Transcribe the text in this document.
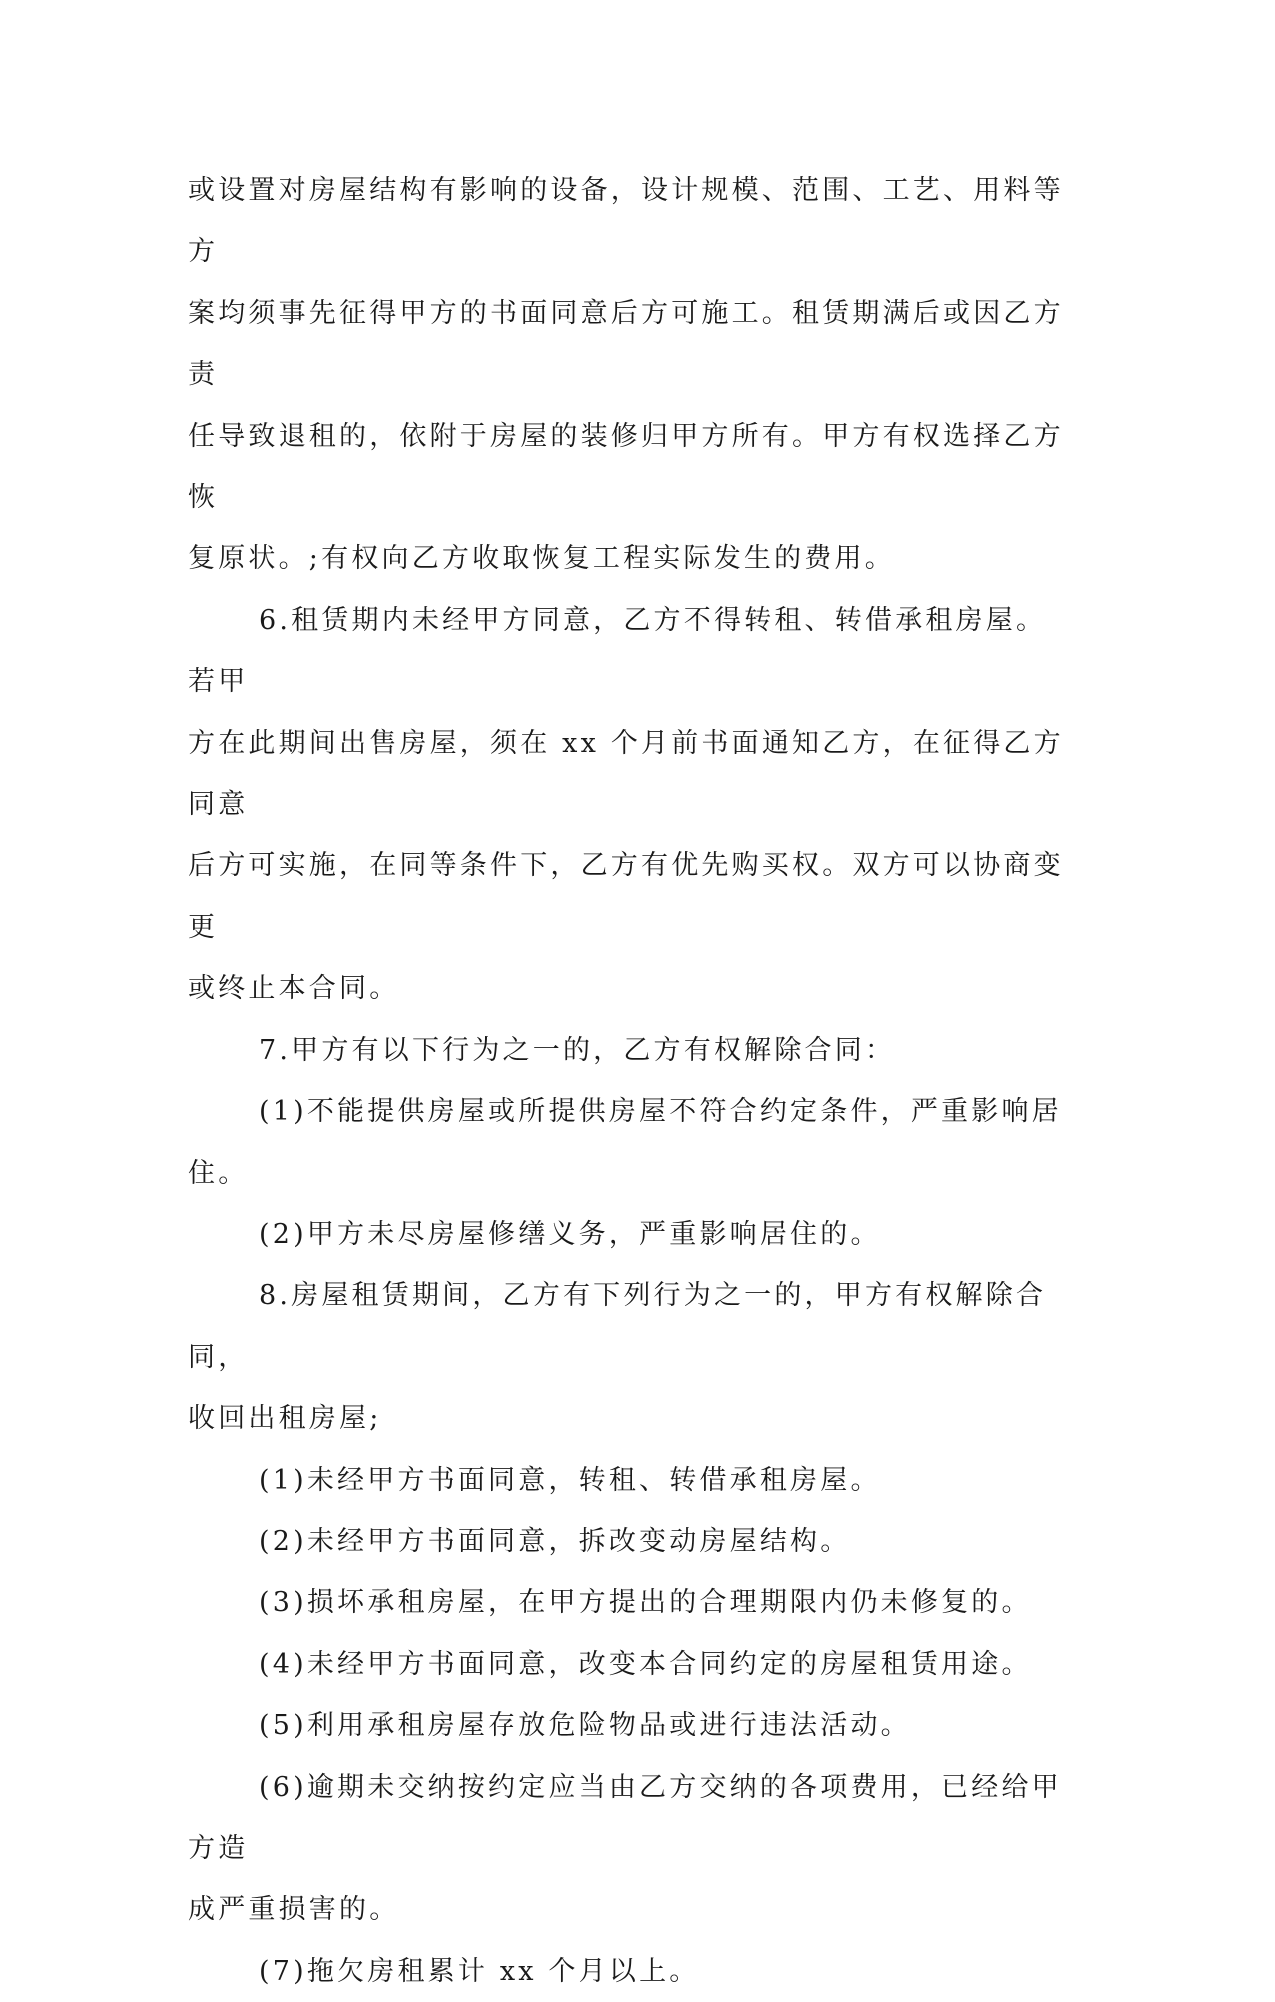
或设置对房屋结构有影响的设备，设计规模、范围、工艺、用料等方
案均须事先征得甲方的书面同意后方可施工。租赁期满后或因乙方责
任导致退租的，依附于房屋的装修归甲方所有。甲方有权选择乙方恢
复原状。;有权向乙方收取恢复工程实际发生的费用。

6.租赁期内未经甲方同意，乙方不得转租、转借承租房屋。若甲
方在此期间出售房屋，须在 xx 个月前书面通知乙方，在征得乙方同意
后方可实施，在同等条件下，乙方有优先购买权。双方可以协商变更
或终止本合同。

7.甲方有以下行为之一的，乙方有权解除合同：

(1)不能提供房屋或所提供房屋不符合约定条件，严重影响居住。

(2)甲方未尽房屋修缮义务，严重影响居住的。

8.房屋租赁期间，乙方有下列行为之一的，甲方有权解除合同，
收回出租房屋;

(1)未经甲方书面同意，转租、转借承租房屋。

(2)未经甲方书面同意，拆改变动房屋结构。

(3)损坏承租房屋，在甲方提出的合理期限内仍未修复的。

(4)未经甲方书面同意，改变本合同约定的房屋租赁用途。

(5)利用承租房屋存放危险物品或进行违法活动。

(6)逾期未交纳按约定应当由乙方交纳的各项费用，已经给甲方造
成严重损害的。

(7)拖欠房租累计 xx 个月以上。
